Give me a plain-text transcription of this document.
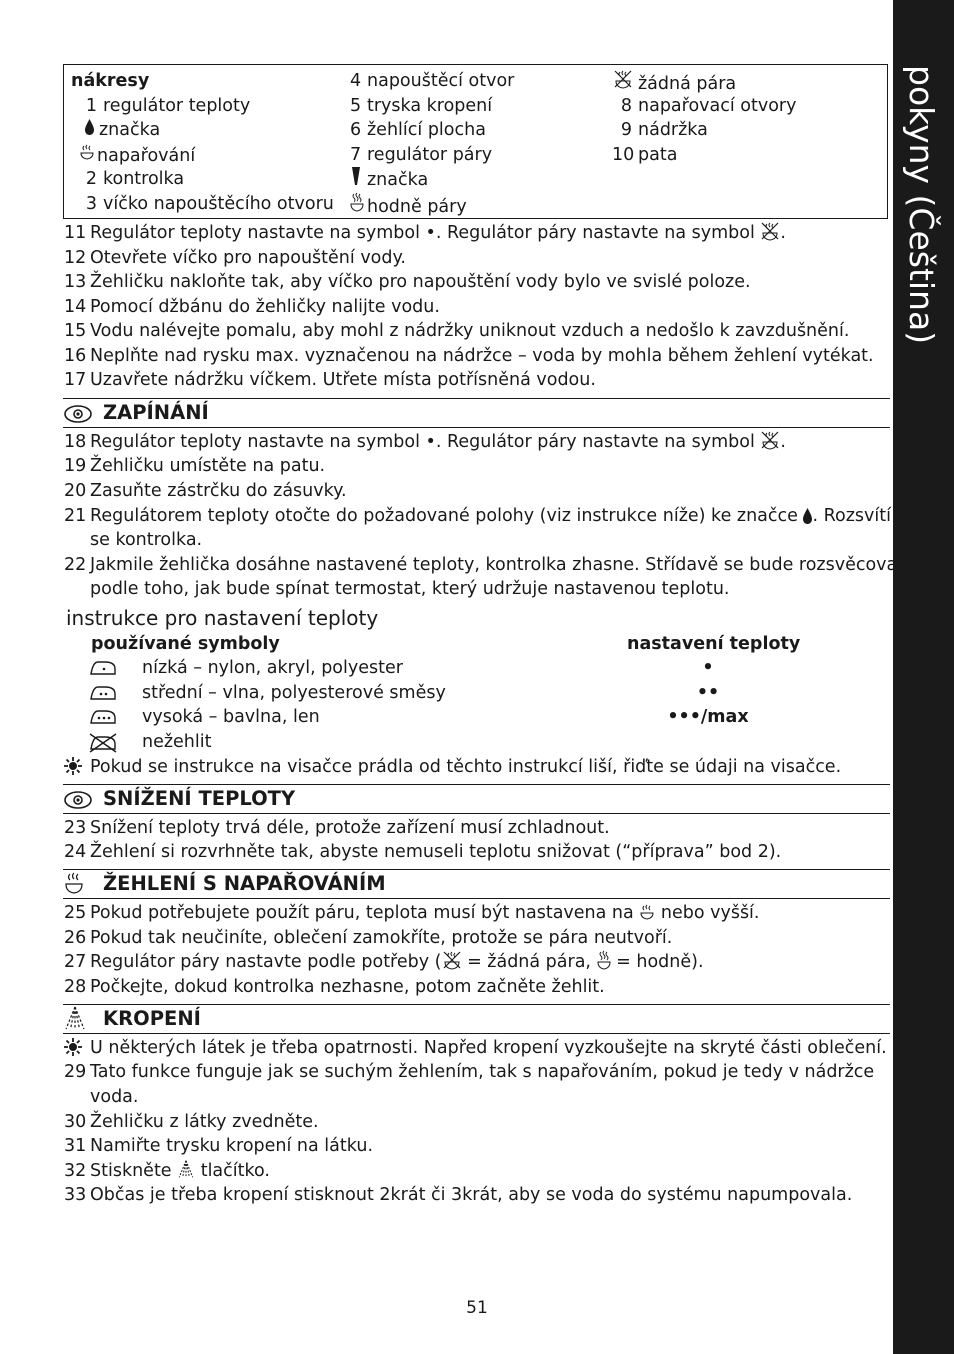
pokyny (Čeština)
nákresy
1 regulátor teploty
značka
napařování
2 kontrolka
3 víčko napouštěcího otvoru
4 napouštěcí otvor
5 tryska kropení
6 žehlící plocha
7 regulátor páry
značka
hodně páry
žádná pára
8 napařovací otvory
9 nádržka
10 pata
11 Regulátor teploty nastavte na symbol •. Regulátor páry nastavte na symbol .
12 Otevřete víčko pro napouštění vody.
13 Žehličku nakloňte tak, aby víčko pro napouštění vody bylo ve svislé poloze.
14 Pomocí džbánu do žehličky nalijte vodu.
15 Vodu nalévejte pomalu, aby mohl z nádržky uniknout vzduch a nedošlo k zavzdušnění.
16 Neplňte nad rysku max. vyznačenou na nádržce – voda by mohla během žehlení vytékat.
17 Uzavřete nádržku víčkem. Utřete místa potřísněná vodou.
ZAPÍNÁNÍ
18 Regulátor teploty nastavte na symbol •. Regulátor páry nastavte na symbol .
19 Žehličku umístěte na patu.
20 Zasuňte zástrčku do zásuvky.
21 Regulátorem teploty otočte do požadované polohy (viz instrukce níže) ke značce . Rozsvítí
se kontrolka.
22 Jakmile žehlička dosáhne nastavené teploty, kontrolka zhasne. Střídavě se bude rozsvěcovat
podle toho, jak bude spínat termostat, který udržuje nastavenou teplotu.
instrukce pro nastavení teploty
používané symboly	nastavení teploty
nízká – nylon, akryl, polyester	•
střední – vlna, polyesterové směsy	••
vysoká – bavlna, len	•••/max
nežehlit
Pokud se instrukce na visačce prádla od těchto instrukcí liší, řiďte se údaji na visačce.
SNÍŽENÍ TEPLOTY
23 Snížení teploty trvá déle, protože zařízení musí zchladnout.
24 Žehlení si rozvrhněte tak, abyste nemuseli teplotu snižovat (“příprava” bod 2).
ŽEHLENÍ S NAPAŘOVÁNÍM
25 Pokud potřebujete použít páru, teplota musí být nastavena na  nebo vyšší.
26 Pokud tak neučiníte, oblečení zamokříte, protože se pára neutvoří.
27 Regulátor páry nastavte podle potřeby ( = žádná pára,  = hodně).
28 Počkejte, dokud kontrolka nezhasne, potom začněte žehlit.
KROPENÍ
U některých látek je třeba opatrnosti. Napřed kropení vyzkoušejte na skryté části oblečení.
29 Tato funkce funguje jak se suchým žehlením, tak s napařováním, pokud je tedy v nádržce
voda.
30 Žehličku z látky zvedněte.
31 Namiřte trysku kropení na látku.
32 Stiskněte  tlačítko.
33 Občas je třeba kropení stisknout 2krát či 3krát, aby se voda do systému napumpovala.
51
